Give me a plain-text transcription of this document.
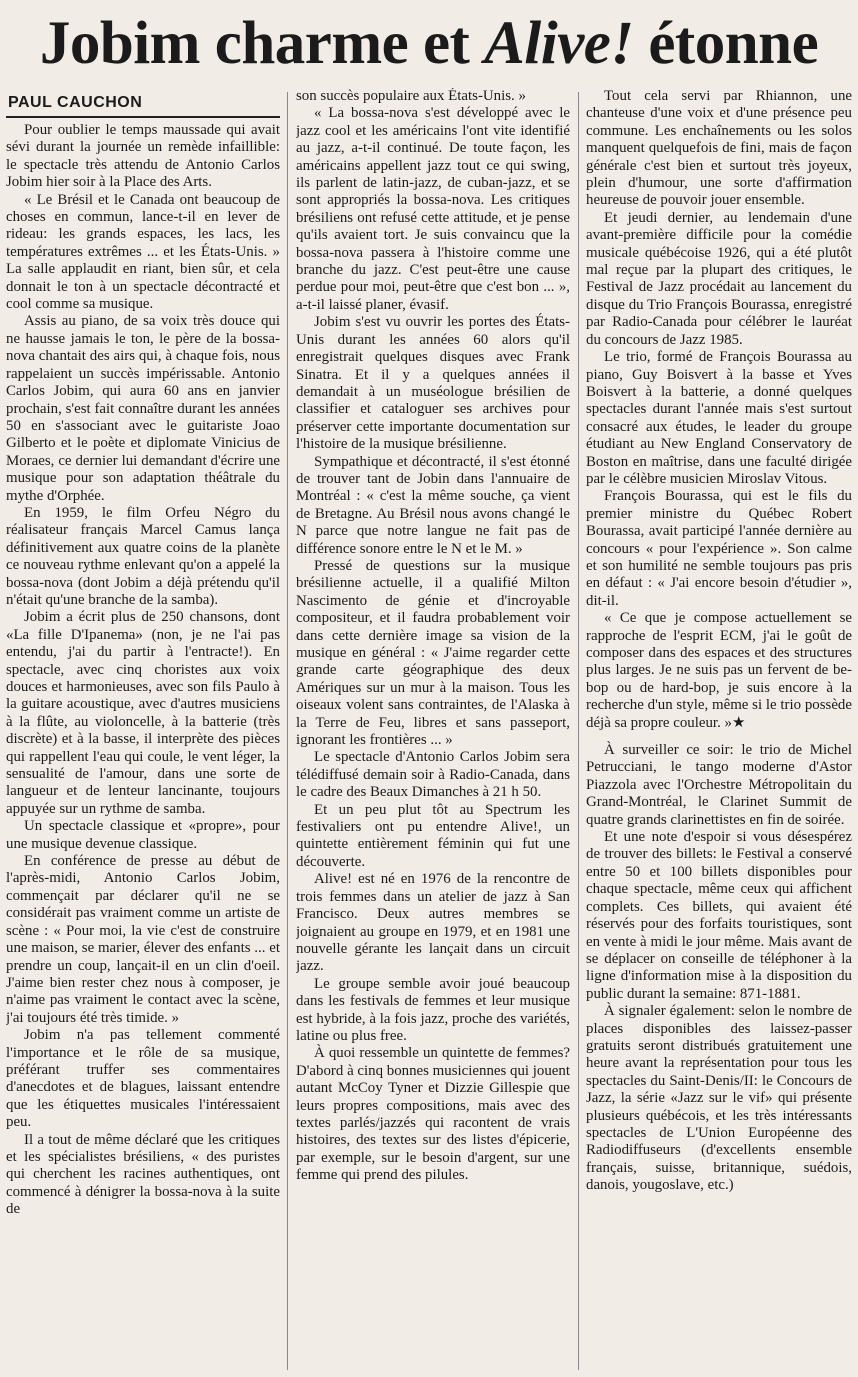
Jobim charme et Alive! étonne
PAUL CAUCHON

Pour oublier le temps maussade qui avait sévi durant la journée un remède infaillible: le spectacle très attendu de Antonio Carlos Jobim hier soir à la Place des Arts.

« Le Brésil et le Canada ont beaucoup de choses en commun, lance-t-il en lever de rideau: les grands espaces, les lacs, les températures extrêmes ... et les États-Unis. » La salle applaudit en riant, bien sûr, et cela donnait le ton à un spectacle décontracté et cool comme sa musique.

Assis au piano, de sa voix très douce qui ne hausse jamais le ton, le père de la bossa-nova chantait des airs qui, à chaque fois, nous rappelaient un succès impérissable. Antonio Carlos Jobim, qui aura 60 ans en janvier prochain, s'est fait connaître durant les années 50 en s'associant avec le guitariste Joao Gilberto et le poète et diplomate Vinicius de Moraes, ce dernier lui demandant d'écrire une musique pour son adaptation théâtrale du mythe d'Orphée.

En 1959, le film Orfeu Négro du réalisateur français Marcel Camus lança définitivement aux quatre coins de la planète ce nouveau rythme enlevant qu'on a appelé la bossa-nova (dont Jobim a déjà prétendu qu'il n'était qu'une branche de la samba).

Jobim a écrit plus de 250 chansons, dont «La fille D'Ipanema» (non, je ne l'ai pas entendu, j'ai du partir à l'entracte!). En spectacle, avec cinq choristes aux voix douces et harmonieuses, avec son fils Paulo à la guitare acoustique, avec d'autres musiciens à la flûte, au violoncelle, à la batterie (très discrète) et à la basse, il interprète des pièces qui rappellent l'eau qui coule, le vent léger, la sensualité de l'amour, dans une sorte de langueur et de lenteur lancinante, toujours appuyée sur un rythme de samba.

Un spectacle classique et «propre», pour une musique devenue classique.

En conférence de presse au début de l'après-midi, Antonio Carlos Jobim, commençait par déclarer qu'il ne se considérait pas vraiment comme un artiste de scène : « Pour moi, la vie c'est de construire une maison, se marier, élever des enfants ... et prendre un coup, lançait-il en un clin d'oeil. J'aime bien rester chez nous à composer, je n'aime pas vraiment le contact avec la scène, j'ai toujours été très timide. »

Jobim n'a pas tellement commenté l'importance et le rôle de sa musique, préférant truffer ses commentaires d'anecdotes et de blagues, laissant entendre que les étiquettes musicales l'intéressaient peu.

Il a tout de même déclaré que les critiques et les spécialistes brésiliens, « des puristes qui cherchent les racines authentiques, ont commencé à dénigrer la bossa-nova à la suite de

son succès populaire aux États-Unis. »

« La bossa-nova s'est développé avec le jazz cool et les américains l'ont vite identifié au jazz, a-t-il continué. De toute façon, les américains appellent jazz tout ce qui swing, ils parlent de latin-jazz, de cuban-jazz, et se sont appropriés la bossa-nova. Les critiques brésiliens ont refusé cette attitude, et je pense qu'ils avaient tort. Je suis convaincu que la bossa-nova passera à l'histoire comme une branche du jazz. C'est peut-être une cause perdue pour moi, peut-être que c'est bon ... », a-t-il laissé planer, évasif.

Jobim s'est vu ouvrir les portes des États-Unis durant les années 60 alors qu'il enregistrait quelques disques avec Frank Sinatra. Et il y a quelques années il demandait à un muséologue brésilien de classifier et cataloguer ses archives pour préserver cette importante documentation sur l'histoire de la musique brésilienne.

Sympathique et décontracté, il s'est étonné de trouver tant de Jobin dans l'annuaire de Montréal : « c'est la même souche, ça vient de Bretagne. Au Brésil nous avons changé le N parce que notre langue ne fait pas de différence sonore entre le N et le M. »

Pressé de questions sur la musique brésilienne actuelle, il a qualifié Milton Nascimento de génie et d'incroyable compositeur, et il faudra probablement voir dans cette dernière image sa vision de la musique en général : « J'aime regarder cette grande carte géographique des deux Amériques sur un mur à la maison. Tous les oiseaux volent sans contraintes, de l'Alaska à la Terre de Feu, libres et sans passeport, ignorant les frontières ... »

Le spectacle d'Antonio Carlos Jobim sera télédiffusé demain soir à Radio-Canada, dans le cadre des Beaux Dimanches à 21 h 50.

Et un peu plut tôt au Spectrum les festivaliers ont pu entendre Alive!, un quintette entièrement féminin qui fut une découverte.

Alive! est né en 1976 de la rencontre de trois femmes dans un atelier de jazz à San Francisco. Deux autres membres se joignaient au groupe en 1979, et en 1981 une nouvelle gérante les lançait dans un circuit jazz.

Le groupe semble avoir joué beaucoup dans les festivals de femmes et leur musique est hybride, à la fois jazz, proche des variétés, latine ou plus free.

À quoi ressemble un quintette de femmes? D'abord à cinq bonnes musiciennes qui jouent autant McCoy Tyner et Dizzie Gillespie que leurs propres compositions, mais avec des textes parlés/jazzés qui racontent de vrais histoires, des textes sur des listes d'épicerie, par exemple, sur le besoin d'argent, sur une femme qui prend des pilules.

Tout cela servi par Rhiannon, une chanteuse d'une voix et d'une présence peu commune. Les enchaînements ou les solos manquent quelquefois de fini, mais de façon générale c'est bien et surtout très joyeux, plein d'humour, une sorte d'affirmation heureuse de pouvoir jouer ensemble.

Et jeudi dernier, au lendemain d'une avant-première difficile pour la comédie musicale québécoise 1926, qui a été plutôt mal reçue par la plupart des critiques, le Festival de Jazz procédait au lancement du disque du Trio François Bourassa, enregistré par Radio-Canada pour célébrer le lauréat du concours de Jazz 1985.

Le trio, formé de François Bourassa au piano, Guy Boisvert à la basse et Yves Boisvert à la batterie, a donné quelques spectacles durant l'année mais s'est surtout consacré aux études, le leader du groupe étudiant au New England Conservatory de Boston en maîtrise, dans une faculté dirigée par le célèbre musicien Miroslav Vitous.

François Bourassa, qui est le fils du premier ministre du Québec Robert Bourassa, avait participé l'année dernière au concours « pour l'expérience ». Son calme et son humilité ne semble toujours pas pris en défaut : « J'ai encore besoin d'étudier », dit-il.

« Ce que je compose actuellement se rapproche de l'esprit ECM, j'ai le goût de composer dans des espaces et des structures plus larges. Je ne suis pas un fervent de be-bop ou de hard-bop, je suis encore à la recherche d'un style, même si le trio possède déjà sa propre couleur. »★

À surveiller ce soir: le trio de Michel Petrucciani, le tango moderne d'Astor Piazzola avec l'Orchestre Métropolitain du Grand-Montréal, le Clarinet Summit de quatre grands clarinettistes en fin de soirée.

Et une note d'espoir si vous désespérez de trouver des billets: le Festival a conservé entre 50 et 100 billets disponibles pour chaque spectacle, même ceux qui affichent complets. Ces billets, qui avaient été réservés pour des forfaits touristiques, sont en vente à midi le jour même. Mais avant de se déplacer on conseille de téléphoner à la ligne d'information mise à la disposition du public durant la semaine: 871-1881.

À signaler également: selon le nombre de places disponibles des laissez-passer gratuits seront distribués gratuitement une heure avant la représentation pour tous les spectacles du Saint-Denis/II: le Concours de Jazz, la série «Jazz sur le vif» qui présente plusieurs québécois, et les très intéressants spectacles de L'Union Européenne des Radiodiffuseurs (d'excellents ensemble français, suisse, britannique, suédois, danois, yougoslave, etc.)
